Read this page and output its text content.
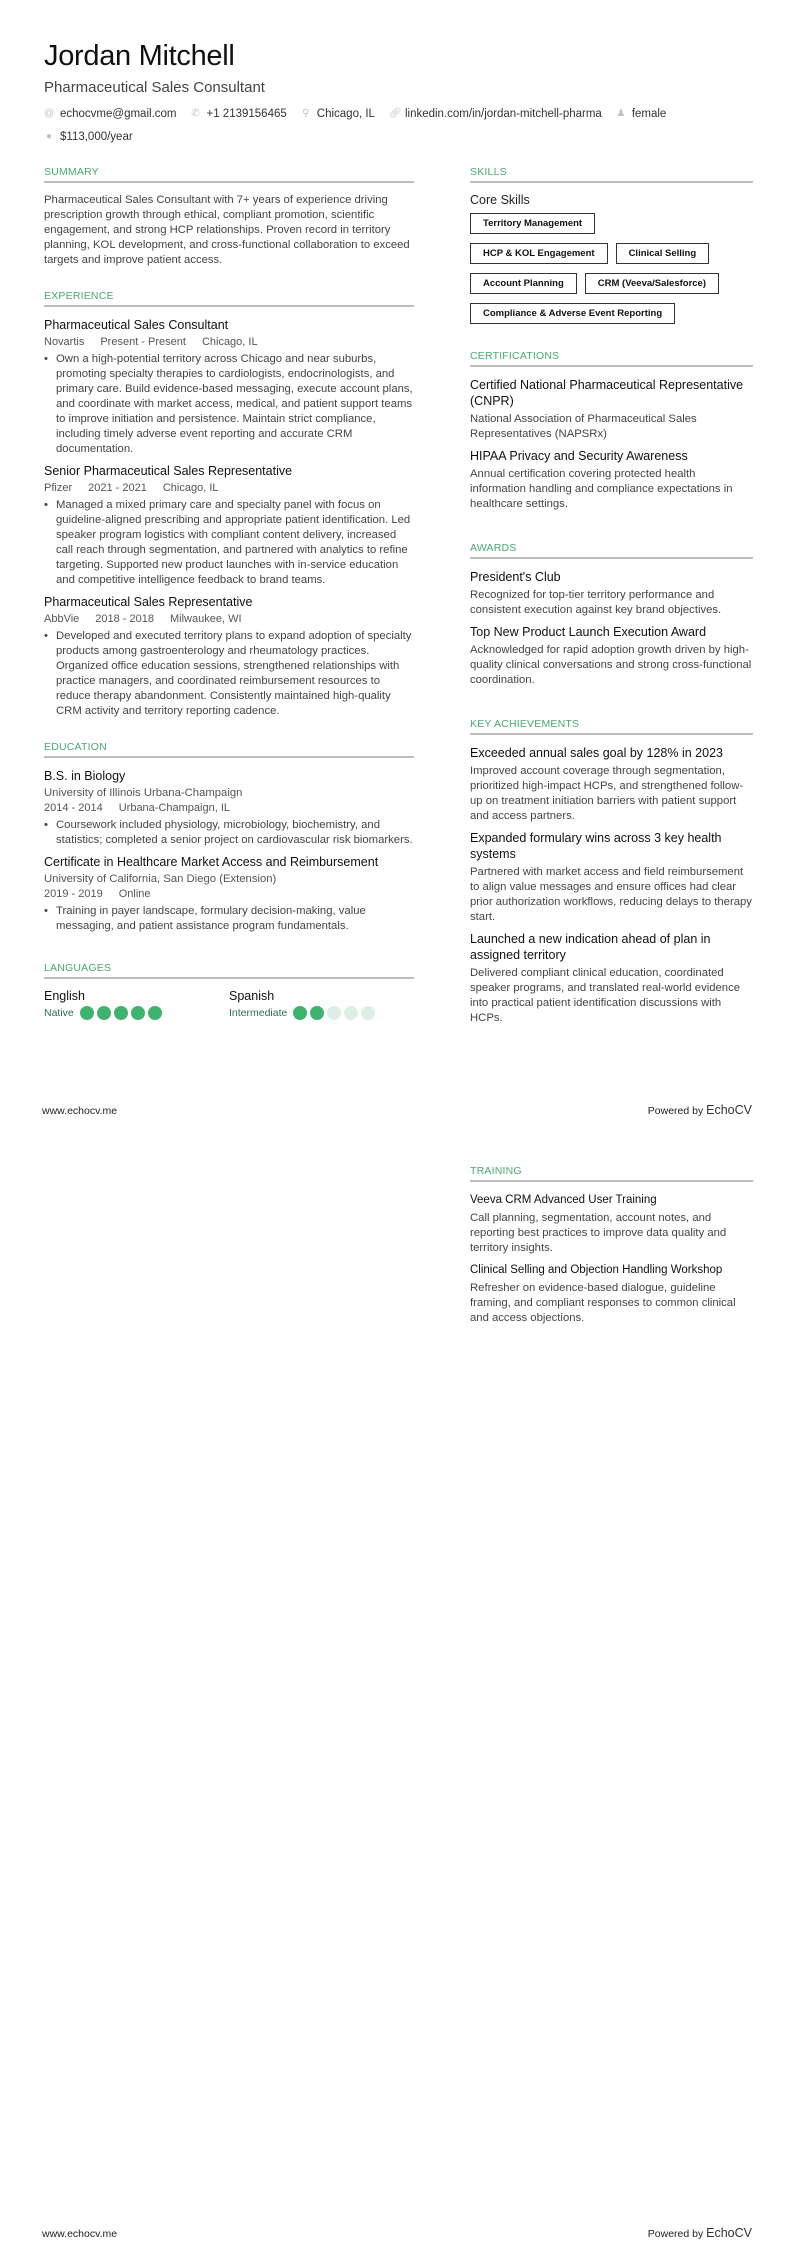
Jordan Mitchell
Pharmaceutical Sales Consultant
@ echocvme@gmail.com ✆ +1 2139156465 ⚲ Chicago, IL 🔗︎ linkedin.com/in/jordan-mitchell-pharma ♟ female
● $113,000/year
SUMMARY
Pharmaceutical Sales Consultant with 7+ years of experience driving prescription growth through ethical, compliant promotion, scientific engagement, and strong HCP relationships. Proven record in territory planning, KOL development, and cross-functional collaboration to exceed targets and improve patient access.
EXPERIENCE
Pharmaceutical Sales Consultant
Novartis Present - Present Chicago, IL
• Own a high-potential territory across Chicago and near suburbs, promoting specialty therapies to cardiologists, endocrinologists, and primary care. Build evidence-based messaging, execute account plans, and coordinate with market access, medical, and patient support teams to improve initiation and persistence. Maintain strict compliance, including timely adverse event reporting and accurate CRM documentation.
Senior Pharmaceutical Sales Representative
Pfizer 2021 - 2021 Chicago, IL
• Managed a mixed primary care and specialty panel with focus on guideline-aligned prescribing and appropriate patient identification. Led speaker program logistics with compliant content delivery, increased call reach through segmentation, and partnered with analytics to refine targeting. Supported new product launches with in-service education and competitive intelligence feedback to brand teams.
Pharmaceutical Sales Representative
AbbVie 2018 - 2018 Milwaukee, WI
• Developed and executed territory plans to expand adoption of specialty products among gastroenterology and rheumatology practices. Organized office education sessions, strengthened relationships with practice managers, and coordinated reimbursement resources to reduce therapy abandonment. Consistently maintained high-quality CRM activity and territory reporting cadence.
EDUCATION
B.S. in Biology
University of Illinois Urbana-Champaign
2014 - 2014 Urbana-Champaign, IL
• Coursework included physiology, microbiology, biochemistry, and statistics; completed a senior project on cardiovascular risk biomarkers.
Certificate in Healthcare Market Access and Reimbursement
University of California, San Diego (Extension)
2019 - 2019 Online
• Training in payer landscape, formulary decision-making, value messaging, and patient assistance program fundamentals.
LANGUAGES
English
Native
Spanish
Intermediate
SKILLS
Core Skills
Territory Management
HCP & KOL Engagement	Clinical Selling
Account Planning	CRM (Veeva/Salesforce)
Compliance & Adverse Event Reporting
CERTIFICATIONS
Certified National Pharmaceutical Representative (CNPR)
National Association of Pharmaceutical Sales Representatives (NAPSRx)
HIPAA Privacy and Security Awareness
Annual certification covering protected health information handling and compliance expectations in healthcare settings.
AWARDS
President's Club
Recognized for top-tier territory performance and consistent execution against key brand objectives.
Top New Product Launch Execution Award
Acknowledged for rapid adoption growth driven by high-quality clinical conversations and strong cross-functional coordination.
KEY ACHIEVEMENTS
Exceeded annual sales goal by 128% in 2023
Improved account coverage through segmentation, prioritized high-impact HCPs, and strengthened follow-up on treatment initiation barriers with patient support and access partners.
Expanded formulary wins across 3 key health systems
Partnered with market access and field reimbursement to align value messages and ensure offices had clear prior authorization workflows, reducing delays to therapy start.
Launched a new indication ahead of plan in assigned territory
Delivered compliant clinical education, coordinated speaker programs, and translated real-world evidence into practical patient identification discussions with HCPs.
www.echocv.me	Powered by EchoCV
TRAINING
Veeva CRM Advanced User Training
Call planning, segmentation, account notes, and reporting best practices to improve data quality and territory insights.
Clinical Selling and Objection Handling Workshop
Refresher on evidence-based dialogue, guideline framing, and compliant responses to common clinical and access objections.
www.echocv.me	Powered by EchoCV
